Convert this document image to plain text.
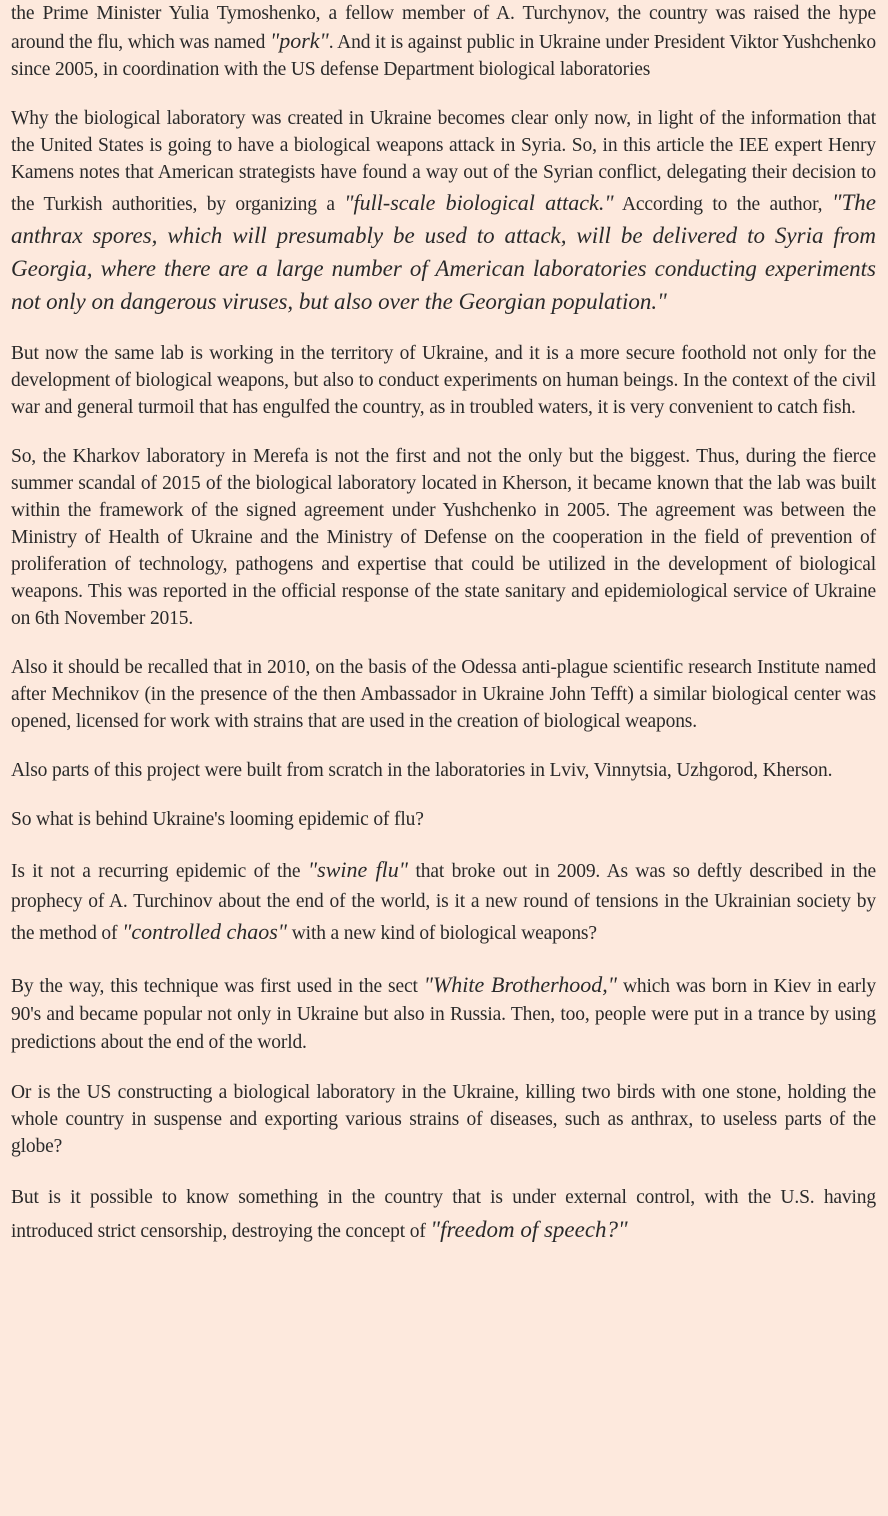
the Prime Minister Yulia Tymoshenko, a fellow member of A. Turchynov, the country was raised the hype around the flu, which was named "pork". And it is against public in Ukraine under President Viktor Yushchenko since 2005, in coordination with the US defense Department biological laboratories

Why the biological laboratory was created in Ukraine becomes clear only now, in light of the information that the United States is going to have a biological weapons attack in Syria. So, in this article the IEE expert Henry Kamens notes that American strategists have found a way out of the Syrian conflict, delegating their decision to the Turkish authorities, by organizing a "full-scale biological attack." According to the author, "The anthrax spores, which will presumably be used to attack, will be delivered to Syria from Georgia, where there are a large number of American laboratories conducting experiments not only on dangerous viruses, but also over the Georgian population."

But now the same lab is working in the territory of Ukraine, and it is a more secure foothold not only for the development of biological weapons, but also to conduct experiments on human beings. In the context of the civil war and general turmoil that has engulfed the country, as in troubled waters, it is very convenient to catch fish.

So, the Kharkov laboratory in Merefa is not the first and not the only but the biggest. Thus, during the fierce summer scandal of 2015 of the biological laboratory located in Kherson, it became known that the lab was built within the framework of the signed agreement under Yushchenko in 2005. The agreement was between the Ministry of Health of Ukraine and the Ministry of Defense on the cooperation in the field of prevention of proliferation of technology, pathogens and expertise that could be utilized in the development of biological weapons. This was reported in the official response of the state sanitary and epidemiological service of Ukraine on 6th November 2015.

Also it should be recalled that in 2010, on the basis of the Odessa anti-plague scientific research Institute named after Mechnikov (in the presence of the then Ambassador in Ukraine John Tefft) a similar biological center was opened, licensed for work with strains that are used in the creation of biological weapons.

Also parts of this project were built from scratch in the laboratories in Lviv, Vinnytsia, Uzhgorod, Kherson.

So what is behind Ukraine's looming epidemic of flu?

Is it not a recurring epidemic of the "swine flu" that broke out in 2009. As was so deftly described in the prophecy of A. Turchinov about the end of the world, is it a new round of tensions in the Ukrainian society by the method of "controlled chaos" with a new kind of biological weapons?

By the way, this technique was first used in the sect "White Brotherhood," which was born in Kiev in early 90's and became popular not only in Ukraine but also in Russia. Then, too, people were put in a trance by using predictions about the end of the world.

Or is the US constructing a biological laboratory in the Ukraine, killing two birds with one stone, holding the whole country in suspense and exporting various strains of diseases, such as anthrax, to useless parts of the globe?

But is it possible to know something in the country that is under external control, with the U.S. having introduced strict censorship, destroying the concept of "freedom of speech?"
